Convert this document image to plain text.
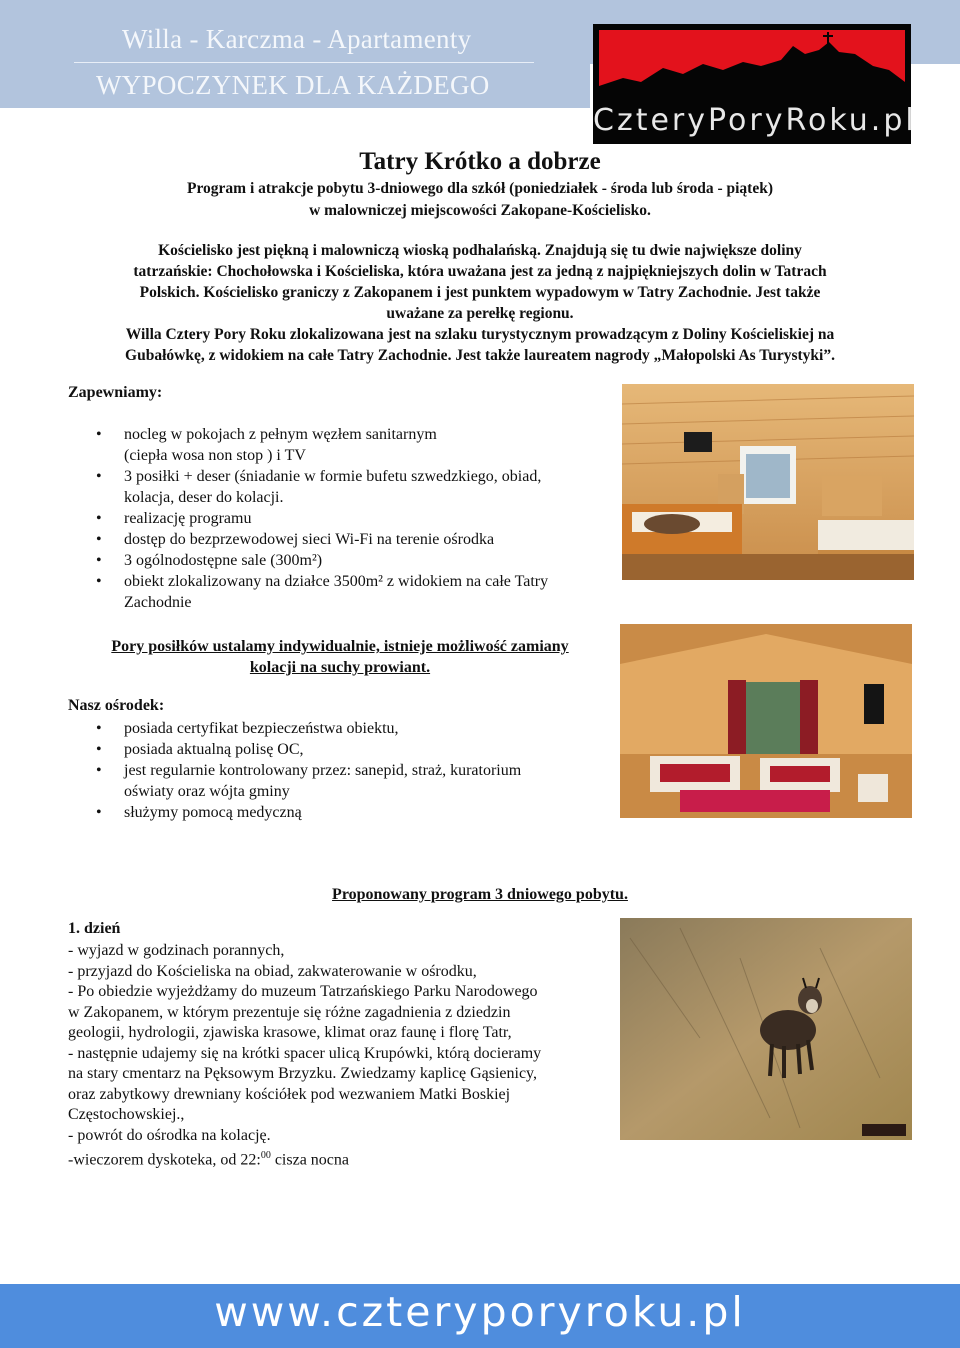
Willa - Karczma - Apartamenty
WYPOCZYNEK DLA KAŻDEGO
CzteryPoryRoku.pl
Tatry Krótko a dobrze
Program i atrakcje pobytu 3-dniowego dla szkół (poniedziałek - środa lub środa - piątek)
w malowniczej miejscowości Zakopane-Kościelisko.
Kościelisko jest piękną i malowniczą wioską podhalańską. Znajdują się tu dwie największe doliny
tatrzańskie: Chochołowska i Kościeliska, która uważana jest za jedną z najpiękniejszych dolin w Tatrach
Polskich. Kościelisko graniczy z Zakopanem i jest punktem wypadowym w Tatry Zachodnie. Jest także
uważane za perełkę regionu.
Willa Cztery Pory Roku zlokalizowana jest na szlaku turystycznym prowadzącym z Doliny Kościeliskiej na
Gubałówkę, z widokiem na całe Tatry Zachodnie. Jest także laureatem nagrody „Małopolski As Turystyki”.
Zapewniamy:
• nocleg w pokojach z pełnym węzłem sanitarnym
(ciepła wosa non stop ) i TV
• 3 posiłki + deser (śniadanie w formie bufetu szwedzkiego, obiad,
kolacja, deser do kolacji.
• realizację programu
• dostęp do bezprzewodowej sieci Wi-Fi na terenie ośrodka
• 3 ogólnodostępne sale (300m²)
• obiekt zlokalizowany na działce 3500m² z widokiem na całe Tatry
Zachodnie
Pory posiłków ustalamy indywidualnie, istnieje możliwość zamiany
kolacji na suchy prowiant.
Nasz ośrodek:
• posiada certyfikat bezpieczeństwa obiektu,
• posiada aktualną polisę OC,
• jest regularnie kontrolowany przez: sanepid, straż, kuratorium
oświaty oraz wójta gminy
• służymy pomocą medyczną
Proponowany program 3 dniowego pobytu.
1. dzień
- wyjazd w godzinach porannych,
- przyjazd do Kościeliska na obiad, zakwaterowanie w ośrodku,
- Po obiedzie wyjeżdżamy do muzeum Tatrzańskiego Parku Narodowego
w Zakopanem, w którym prezentuje się różne zagadnienia z dziedzin
geologii, hydrologii, zjawiska krasowe, klimat oraz faunę i florę Tatr,
- następnie udajemy się na krótki spacer ulicą Krupówki, którą docieramy
na stary cmentarz na Pęksowym Brzyzku. Zwiedzamy kaplicę Gąsienicy,
oraz zabytkowy drewniany kościółek pod wezwaniem Matki Boskiej
Częstochowskiej.,
- powrót do ośrodka na kolację.
-wieczorem dyskoteka, od 22:$^{00}$ cisza nocna
www.czteryporyroku.pl
